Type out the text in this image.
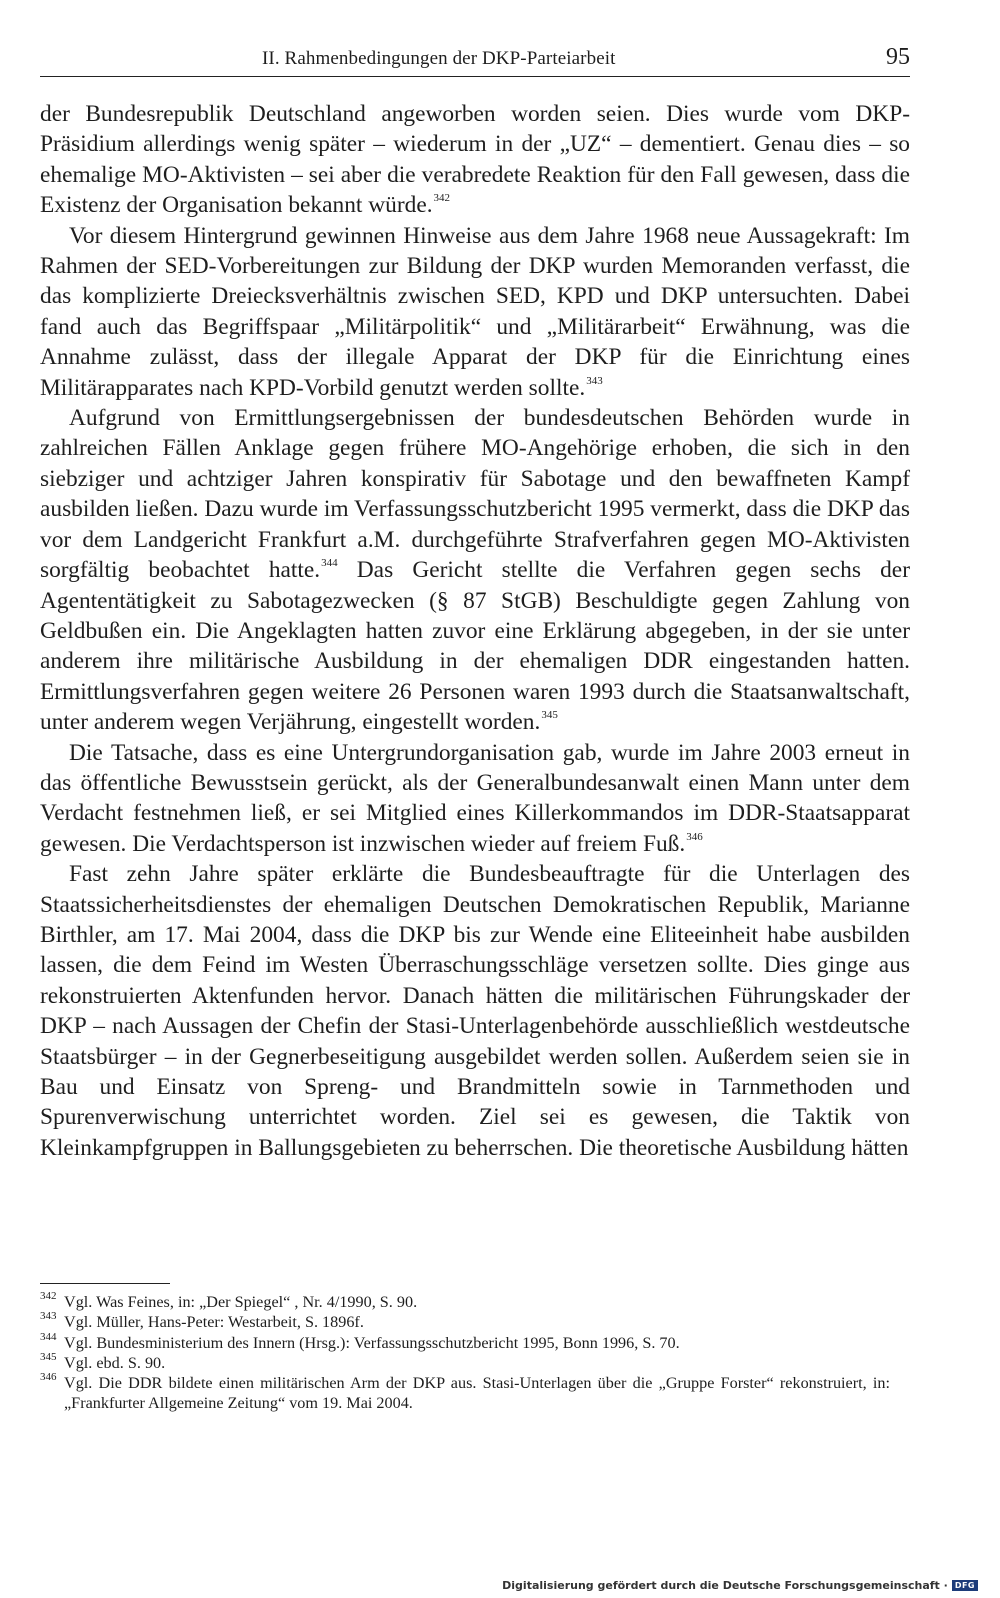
II. Rahmenbedingungen der DKP-Parteiarbeit	95

der Bundesrepublik Deutschland angeworben worden seien. Dies wurde vom DKP-Präsidium allerdings wenig später – wiederum in der „UZ“ – dementiert. Genau dies – so ehemalige MO-Aktivisten – sei aber die verabredete Reaktion für den Fall gewesen, dass die Existenz der Organisation bekannt würde.$^{342}$

Vor diesem Hintergrund gewinnen Hinweise aus dem Jahre 1968 neue Aussagekraft: Im Rahmen der SED-Vorbereitungen zur Bildung der DKP wurden Memoranden verfasst, die das komplizierte Dreiecksverhältnis zwischen SED, KPD und DKP untersuchten. Dabei fand auch das Begriffspaar „Militärpolitik“ und „Militärarbeit“ Erwähnung, was die Annahme zulässt, dass der illegale Apparat der DKP für die Einrichtung eines Militärapparates nach KPD-Vorbild genutzt werden sollte.$^{343}$

Aufgrund von Ermittlungsergebnissen der bundesdeutschen Behörden wurde in zahlreichen Fällen Anklage gegen frühere MO-Angehörige erhoben, die sich in den siebziger und achtziger Jahren konspirativ für Sabotage und den bewaffneten Kampf ausbilden ließen. Dazu wurde im Verfassungsschutzbericht 1995 vermerkt, dass die DKP das vor dem Landgericht Frankfurt a.M. durchgeführte Strafverfahren gegen MO-Aktivisten sorgfältig beobachtet hatte.$^{344}$ Das Gericht stellte die Verfahren gegen sechs der Agententätigkeit zu Sabotagezwecken (§ 87 StGB) Beschuldigte gegen Zahlung von Geldbußen ein. Die Angeklagten hatten zuvor eine Erklärung abgegeben, in der sie unter anderem ihre militärische Ausbildung in der ehemaligen DDR eingestanden hatten. Ermittlungsverfahren gegen weitere 26 Personen waren 1993 durch die Staatsanwaltschaft, unter anderem wegen Verjährung, eingestellt worden.$^{345}$

Die Tatsache, dass es eine Untergrundorganisation gab, wurde im Jahre 2003 erneut in das öffentliche Bewusstsein gerückt, als der Generalbundesanwalt einen Mann unter dem Verdacht festnehmen ließ, er sei Mitglied eines Killerkommandos im DDR-Staatsapparat gewesen. Die Verdachtsperson ist inzwischen wieder auf freiem Fuß.$^{346}$

Fast zehn Jahre später erklärte die Bundesbeauftragte für die Unterlagen des Staatssicherheitsdienstes der ehemaligen Deutschen Demokratischen Republik, Marianne Birthler, am 17. Mai 2004, dass die DKP bis zur Wende eine Eliteeinheit habe ausbilden lassen, die dem Feind im Westen Überraschungsschläge versetzen sollte. Dies ginge aus rekonstruierten Aktenfunden hervor. Danach hätten die militärischen Führungskader der DKP – nach Aussagen der Chefin der Stasi-Unterlagenbehörde ausschließlich westdeutsche Staatsbürger – in der Gegnerbeseitigung ausgebildet werden sollen. Außerdem seien sie in Bau und Einsatz von Spreng- und Brandmitteln sowie in Tarnmethoden und Spurenverwischung unterrichtet worden. Ziel sei es gewesen, die Taktik von Kleinkampfgruppen in Ballungsgebieten zu beherrschen. Die theoretische Ausbildung hätten

342 Vgl. Was Feines, in: „Der Spiegel“ , Nr. 4/1990, S. 90.
343 Vgl. Müller, Hans-Peter: Westarbeit, S. 1896f.
344 Vgl. Bundesministerium des Innern (Hrsg.): Verfassungsschutzbericht 1995, Bonn 1996, S. 70.
345 Vgl. ebd. S. 90.
346 Vgl. Die DDR bildete einen militärischen Arm der DKP aus. Stasi-Unterlagen über die „Gruppe Forster“ rekonstruiert, in: „Frankfurter Allgemeine Zeitung“ vom 19. Mai 2004.
Digitalisierung gefördert durch die Deutsche Forschungsgemeinschaft · DFG
